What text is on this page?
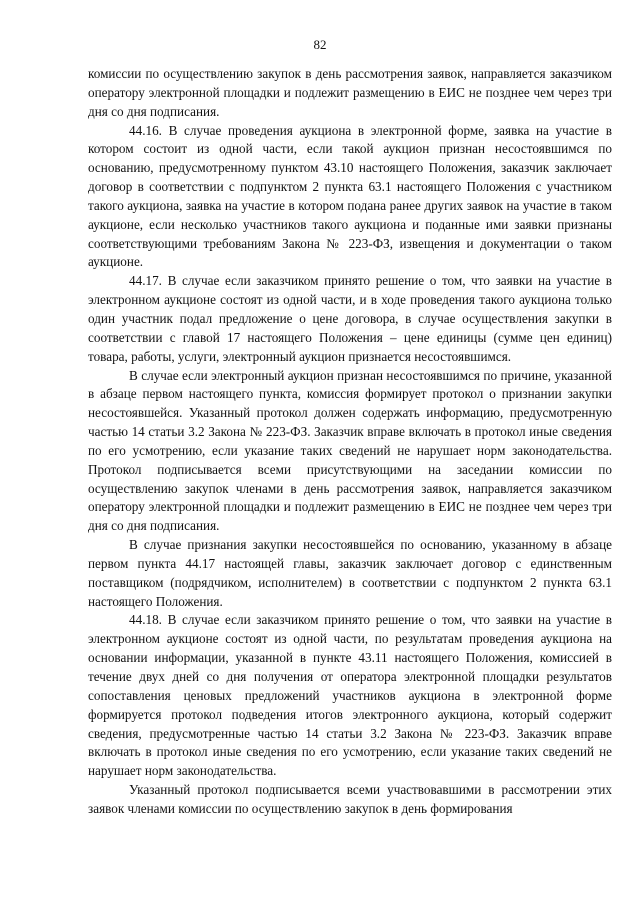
82

комиссии по осуществлению закупок в день рассмотрения заявок, направляется заказчиком оператору электронной площадки и подлежит размещению в ЕИС не позднее чем через три дня со дня подписания.

44.16. В случае проведения аукциона в электронной форме, заявка на участие в котором состоит из одной части, если такой аукцион признан несостоявшимся по основанию, предусмотренному пунктом 43.10 настоящего Положения, заказчик заключает договор в соответствии с подпунктом 2 пункта 63.1 настоящего Положения с участником такого аукциона, заявка на участие в котором подана ранее других заявок на участие в таком аукционе, если несколько участников такого аукциона и поданные ими заявки признаны соответствующими требованиям Закона № 223-ФЗ, извещения и документации о таком аукционе.

44.17. В случае если заказчиком принято решение о том, что заявки на участие в электронном аукционе состоят из одной части, и в ходе проведения такого аукциона только один участник подал предложение о цене договора, в случае осуществления закупки в соответствии с главой 17 настоящего Положения – цене единицы (сумме цен единиц) товара, работы, услуги, электронный аукцион признается несостоявшимся.

В случае если электронный аукцион признан несостоявшимся по причине, указанной в абзаце первом настоящего пункта, комиссия формирует протокол о признании закупки несостоявшейся. Указанный протокол должен содержать информацию, предусмотренную частью 14 статьи 3.2 Закона № 223-ФЗ. Заказчик вправе включать в протокол иные сведения по его усмотрению, если указание таких сведений не нарушает норм законодательства. Протокол подписывается всеми присутствующими на заседании комиссии по осуществлению закупок членами в день рассмотрения заявок, направляется заказчиком оператору электронной площадки и подлежит размещению в ЕИС не позднее чем через три дня со дня подписания.

В случае признания закупки несостоявшейся по основанию, указанному в абзаце первом пункта 44.17 настоящей главы, заказчик заключает договор с единственным поставщиком (подрядчиком, исполнителем) в соответствии с подпунктом 2 пункта 63.1 настоящего Положения.

44.18. В случае если заказчиком принято решение о том, что заявки на участие в электронном аукционе состоят из одной части, по результатам проведения аукциона на основании информации, указанной в пункте 43.11 настоящего Положения, комиссией в течение двух дней со дня получения от оператора электронной площадки результатов сопоставления ценовых предложений участников аукциона в электронной форме формируется протокол подведения итогов электронного аукциона, который содержит сведения, предусмотренные частью 14 статьи 3.2 Закона № 223-ФЗ. Заказчик вправе включать в протокол иные сведения по его усмотрению, если указание таких сведений не нарушает норм законодательства.

Указанный протокол подписывается всеми участвовавшими в рассмотрении этих заявок членами комиссии по осуществлению закупок в день формирования
